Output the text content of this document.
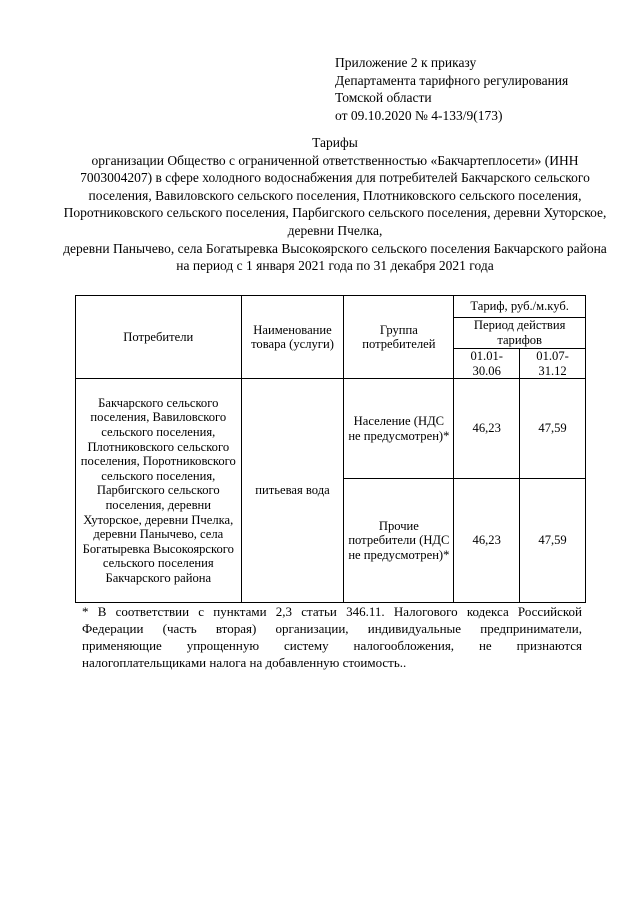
Приложение 2 к приказу
Департамента тарифного регулирования
Томской области
от 09.10.2020 № 4-133/9(173)
Тарифы

организации Общество с ограниченной ответственностью «Бакчартеплосети» (ИНН 7003004207) в сфере холодного водоснабжения для потребителей Бакчарского сельского поселения, Вавиловского сельского поселения, Плотниковского сельского поселения, Поротниковского сельского поселения, Парбигского сельского поселения, деревни Хуторское, деревни Пчелка,

деревни Панычево, села Богатыревка Высокоярского сельского поселения Бакчарского района
на период с 1 января 2021 года по 31 декабря 2021 года
Потребители	Наименование товара (услуги)	Группа потребителей	Тариф, руб./м.куб.	
			Период действия тарифов	
			01.01-30.06	01.07-31.12
Бакчарского сельского поселения, Вавиловского сельского поселения, Плотниковского сельского поселения, Поротниковского сельского поселения, Парбигского сельского поселения, деревни Хуторское, деревни Пчелка, деревни Панычево, села Богатыревка Высокоярского сельского поселения Бакчарского района	питьевая вода	Население (НДС не предусмотрен)*	46,23	47,59
		Прочие потребители (НДС не предусмотрен)*	46,23	47,59
* В соответствии с пунктами 2,3 статьи 346.11. Налогового кодекса Российской Федерации (часть вторая) организации, индивидуальные предприниматели, применяющие упрощенную систему налогообложения, не признаются налогоплательщиками налога на добавленную стоимость..
